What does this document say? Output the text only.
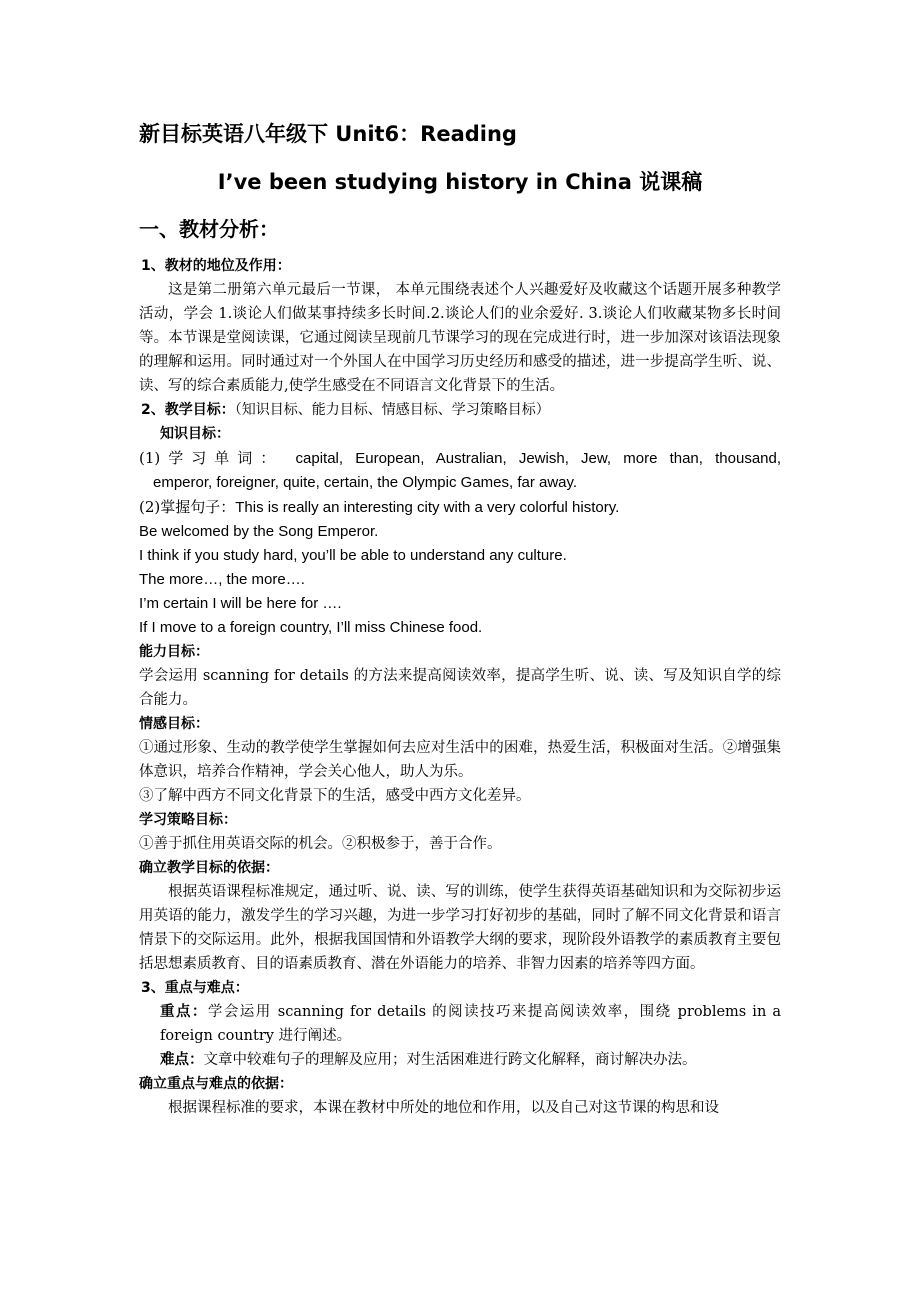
新目标英语八年级下 Unit6：Reading
I’ve been studying history in China 说课稿
一、教材分析：
1、教材的地位及作用：

这是第二册第六单元最后一节课， 本单元围绕表述个人兴趣爱好及收藏这个话题开展多种教学活动，学会 1.谈论人们做某事持续多长时间.2.谈论人们的业余爱好. 3.谈论人们收藏某物多长时间等。本节课是堂阅读课，它通过阅读呈现前几节课学习的现在完成进行时，进一步加深对该语法现象的理解和运用。同时通过对一个外国人在中国学习历史经历和感受的描述，进一步提高学生听、说、读、写的综合素质能力,使学生感受在不同语言文化背景下的生活。

2、教学目标：（知识目标、能力目标、情感目标、学习策略目标）
知识目标：
(1)学习单词： capital, European, Australian, Jewish, Jew, more than, thousand,
emperor, foreigner, quite, certain, the Olympic Games, far away.
(2)掌握句子：This is really an interesting city with a very colorful history.
Be welcomed by the Song Emperor.
I think if you study hard, you’ll be able to understand any culture.
The more…, the more….
I’m certain I will be here for ….
If I move to a foreign country, I’ll miss Chinese food.
能力目标：

学会运用 scanning for details 的方法来提高阅读效率，提高学生听、说、读、写及知识自学的综合能力。

情感目标：

①通过形象、生动的教学使学生掌握如何去应对生活中的困难，热爱生活，积极面对生活。②增强集体意识，培养合作精神，学会关心他人，助人为乐。

③了解中西方不同文化背景下的生活，感受中西方文化差异。

学习策略目标：

①善于抓住用英语交际的机会。②积极参于，善于合作。

确立教学目标的依据：

根据英语课程标准规定，通过听、说、读、写的训练，使学生获得英语基础知识和为交际初步运用英语的能力，激发学生的学习兴趣，为进一步学习打好初步的基础，同时了解不同文化背景和语言情景下的交际运用。此外，根据我国国情和外语教学大纲的要求，现阶段外语教学的素质教育主要包括思想素质教育、目的语素质教育、潜在外语能力的培养、非智力因素的培养等四方面。

3、重点与难点：

重点：学会运用 scanning for details 的阅读技巧来提高阅读效率，围绕 problems in a foreign country 进行阐述。

难点：文章中较难句子的理解及应用；对生活困难进行跨文化解释，商讨解决办法。

确立重点与难点的依据：

根据课程标准的要求，本课在教材中所处的地位和作用，以及自己对这节课的构思和设
